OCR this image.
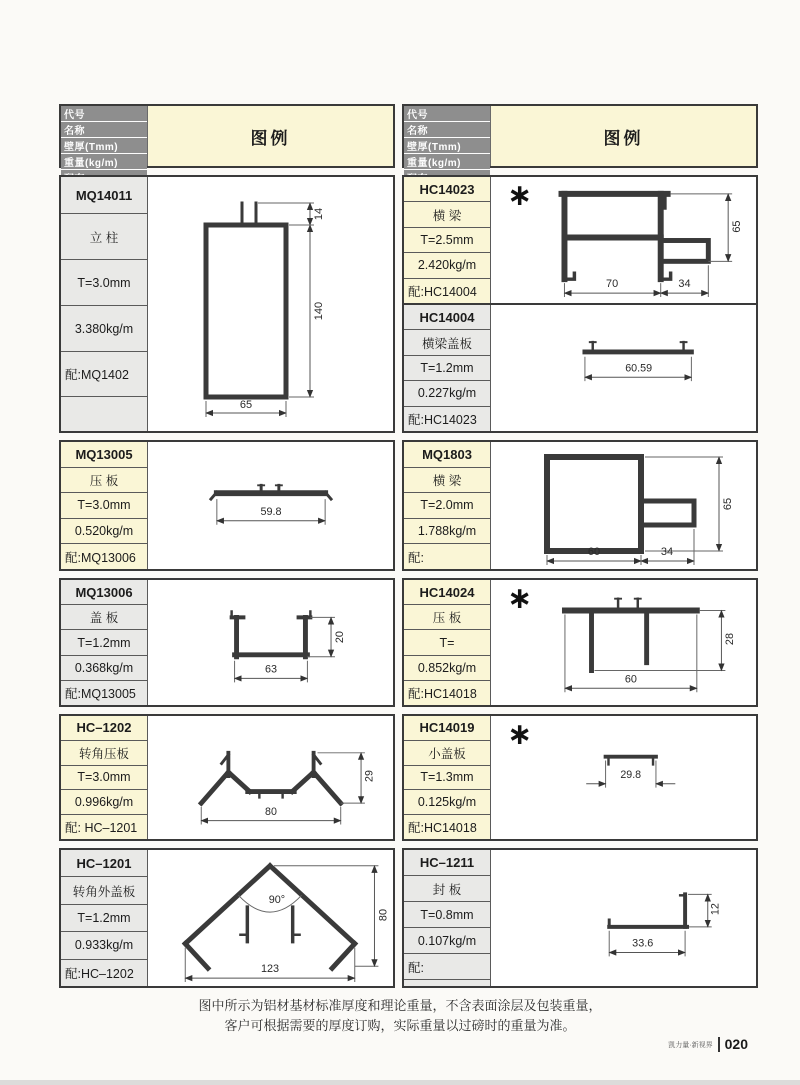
代号
名称
壁厚(Tmm)
重量(kg/m)
图例
MQ14011
立 柱
T=3.0mm
3.380kg/m
配:MQ1402
14
140
65
MQ13005
压 板
T=3.0mm
0.520kg/m
配:MQ13006
59.8
MQ13006
盖 板
T=1.2mm
0.368kg/m
配:MQ13005
63
20
HC–1202
转角压板
T=3.0mm
0.996kg/m
配: HC–1201
80
29
HC–1201
转角外盖板
T=1.2mm
0.933kg/m
配:HC–1202
90°
123
80
代号
名称
壁厚(Tmm)
重量(kg/m)
图例
HC14023
横 梁
T=2.5mm
2.420kg/m
配:HC14004
∗
65
70	34
HC14004
横梁盖板
T=1.2mm
0.227kg/m
配:HC14023
60.59
MQ1803
横 梁
T=2.0mm
1.788kg/m
配:	60	34
65
HC14024
压 板
T=
0.852kg/m
配:HC14018
∗
60
28
HC14019
小盖板
T=1.3mm
0.125kg/m
配:HC14018
∗
29.8
HC–1211
封 板
T=0.8mm
0.107kg/m
配:
33.6
12
图中所示为铝材基材标准厚度和理论重量，不含表面涂层及包装重量，
客户可根据需要的厚度订购，实际重量以过磅时的重量为准。
凯力量·新视界 020
